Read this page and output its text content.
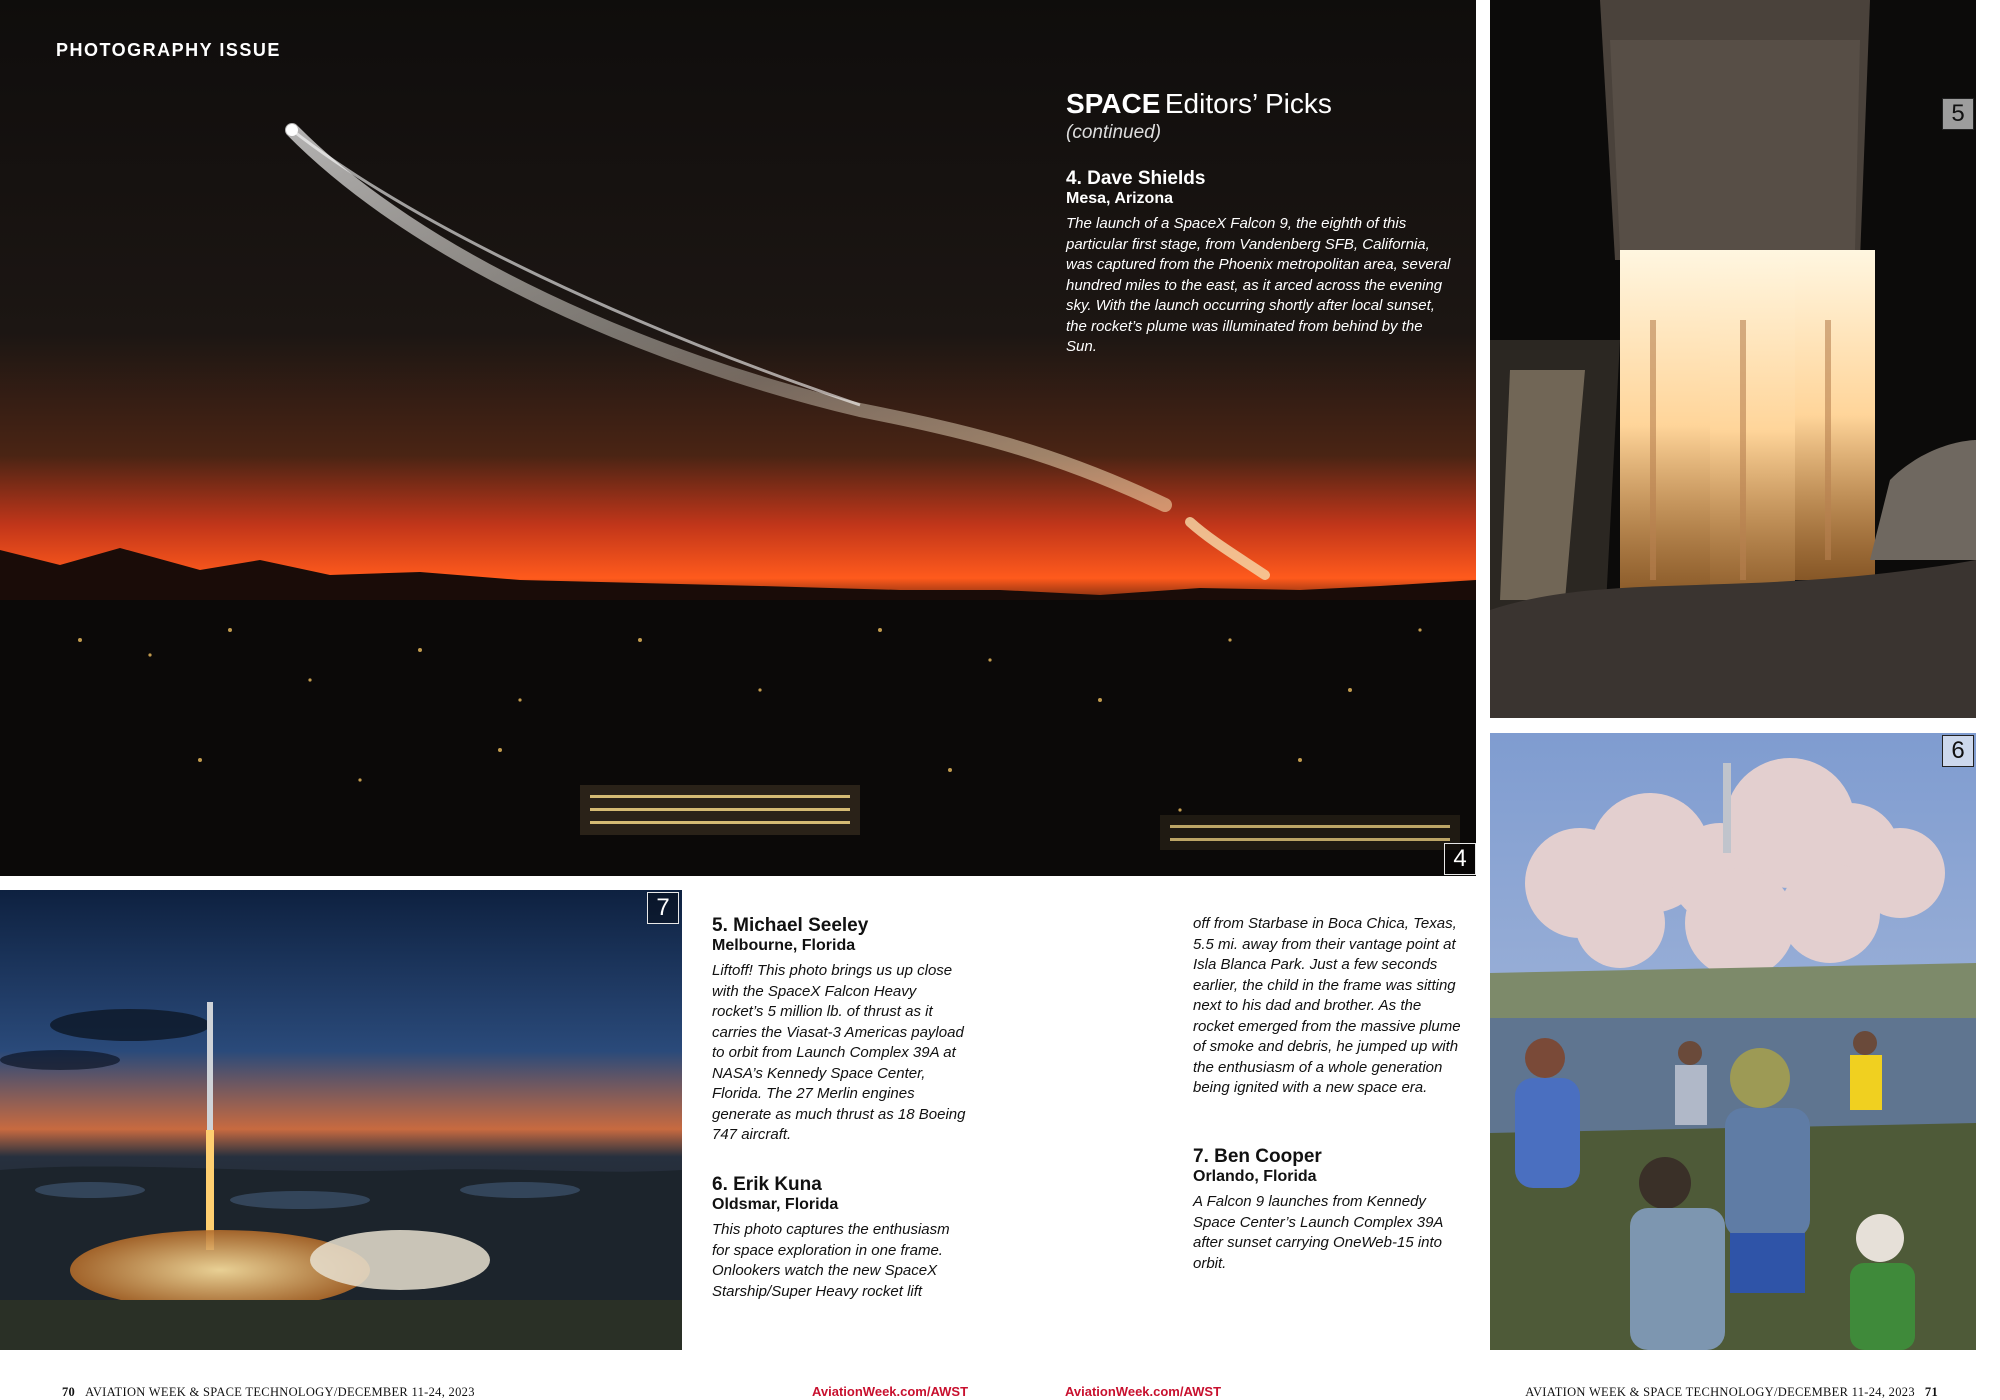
4
5
6
7
PHOTOGRAPHY ISSUE
SPACE Editors’ Picks
(continued)

4. Dave Shields

Mesa, Arizona

The launch of a SpaceX Falcon 9, the eighth of this particular first stage, from Vandenberg SFB, California, was captured from the Phoenix metropolitan area, several hundred miles to the east, as it arced across the evening sky. With the launch occurring shortly after local sunset, the rocket’s plume was illuminated from behind by the Sun.

5. Michael Seeley

Melbourne, Florida

Liftoff! This photo brings us up close with the SpaceX Falcon Heavy rocket’s 5 million lb. of thrust as it carries the Viasat-3 Americas payload to orbit from Launch Complex 39A at NASA’s Kennedy Space Center, Florida. The 27 Merlin engines generate as much thrust as 18 Boeing 747 aircraft.

6. Erik Kuna

Oldsmar, Florida

This photo captures the enthusiasm for space exploration in one frame. Onlookers watch the new SpaceX Starship/Super Heavy rocket lift

off from Starbase in Boca Chica, Texas, 5.5 mi. away from their vantage point at Isla Blanca Park. Just a few seconds earlier, the child in the frame was sitting next to his dad and brother. As the rocket emerged from the massive plume of smoke and debris, he jumped up with the enthusiasm of a whole generation being ignited with a new space era.

7. Ben Cooper

Orlando, Florida

A Falcon 9 launches from Kennedy Space Center’s Launch Complex 39A after sunset carrying OneWeb-15 into orbit.

70 AVIATION WEEK & SPACE TECHNOLOGY/DECEMBER 11-24, 2023	AviationWeek.com/AWST	AviationWeek.com/AWST	AVIATION WEEK & SPACE TECHNOLOGY/DECEMBER 11-24, 2023 71
